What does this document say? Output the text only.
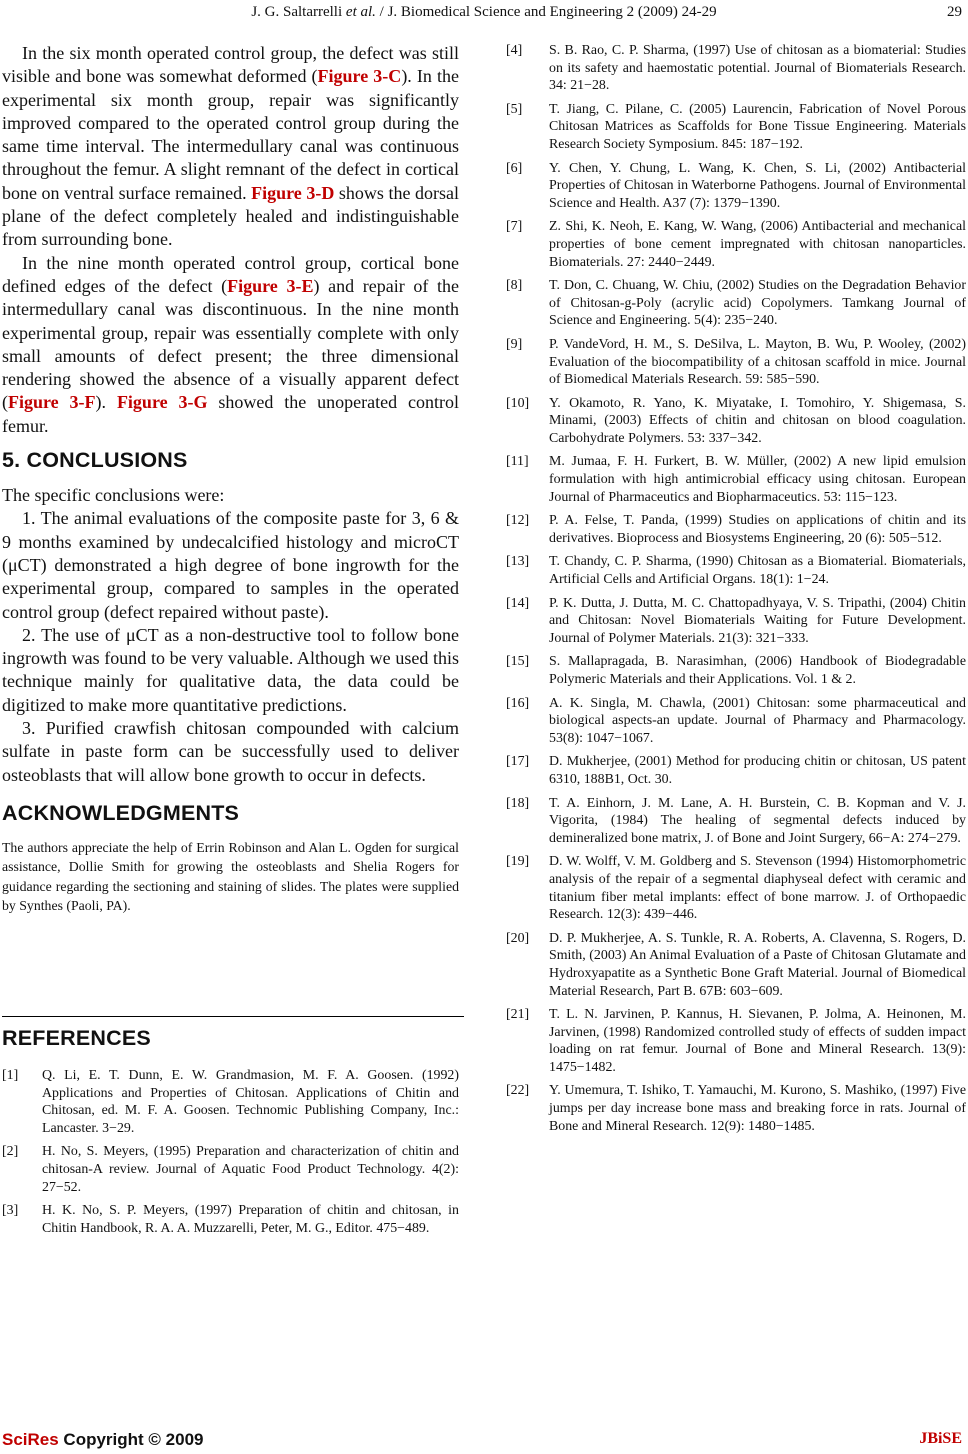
J. G. Saltarrelli et al. / J. Biomedical Science and Engineering 2 (2009) 24-29	29

In the six month operated control group, the defect was still visible and bone was somewhat deformed (Figure 3-C). In the experimental six month group, repair was significantly improved compared to the operated control group during the same time interval. The intermedullary canal was continuous throughout the femur. A slight remnant of the defect in cortical bone on ventral surface remained. Figure 3-D shows the dorsal plane of the defect completely healed and indistinguishable from surrounding bone.

In the nine month operated control group, cortical bone defined edges of the defect (Figure 3-E) and repair of the intermedullary canal was discontinuous. In the nine month experimental group, repair was essentially complete with only small amounts of defect present; the three dimensional rendering showed the absence of a visually apparent defect (Figure 3-F). Figure 3-G showed the unoperated control femur.

5. CONCLUSIONS

The specific conclusions were:

1. The animal evaluations of the composite paste for 3, 6 & 9 months examined by undecalcified histology and microCT (μCT) demonstrated a high degree of bone ingrowth for the experimental group, compared to samples in the operated control group (defect repaired without paste).

2. The use of μCT as a non-destructive tool to follow bone ingrowth was found to be very valuable. Although we used this technique mainly for qualitative data, the data could be digitized to make more quantitative predictions.

3. Purified crawfish chitosan compounded with calcium sulfate in paste form can be successfully used to deliver osteoblasts that will allow bone growth to occur in defects.

ACKNOWLEDGMENTS

The authors appreciate the help of Errin Robinson and Alan L. Ogden for surgical assistance, Dollie Smith for growing the osteoblasts and Shelia Rogers for guidance regarding the sectioning and staining of slides. The plates were supplied by Synthes (Paoli, PA).

REFERENCES
[1]	Q. Li, E. T. Dunn, E. W. Grandmasion, M. F. A. Goosen. (1992) Applications and Properties of Chitosan. Applications of Chitin and Chitosan, ed. M. F. A. Goosen. Technomic Publishing Company, Inc.: Lancaster. 3−29.
[2]	H. No, S. Meyers, (1995) Preparation and characterization of chitin and chitosan-A review. Journal of Aquatic Food Product Technology. 4(2): 27−52.
[3]	H. K. No, S. P. Meyers, (1997) Preparation of chitin and chitosan, in Chitin Handbook, R. A. A. Muzzarelli, Peter, M. G., Editor. 475−489.
[4]	S. B. Rao, C. P. Sharma, (1997) Use of chitosan as a biomaterial: Studies on its safety and haemostatic potential. Journal of Biomaterials Research. 34: 21−28.
[5]	T. Jiang, C. Pilane, C. (2005) Laurencin, Fabrication of Novel Porous Chitosan Matrices as Scaffolds for Bone Tissue Engineering. Materials Research Society Symposium. 845: 187−192.
[6]	Y. Chen, Y. Chung, L. Wang, K. Chen, S. Li, (2002) Antibacterial Properties of Chitosan in Waterborne Pathogens. Journal of Environmental Science and Health. A37 (7): 1379−1390.
[7]	Z. Shi, K. Neoh, E. Kang, W. Wang, (2006) Antibacterial and mechanical properties of bone cement impregnated with chitosan nanoparticles. Biomaterials. 27: 2440−2449.
[8]	T. Don, C. Chuang, W. Chiu, (2002) Studies on the Degradation Behavior of Chitosan-g-Poly (acrylic acid) Copolymers. Tamkang Journal of Science and Engineering. 5(4): 235−240.
[9]	P. VandeVord, H. M., S. DeSilva, L. Mayton, B. Wu, P. Wooley, (2002) Evaluation of the biocompatibility of a chitosan scaffold in mice. Journal of Biomedical Materials Research. 59: 585−590.
[10]	Y. Okamoto, R. Yano, K. Miyatake, I. Tomohiro, Y. Shigemasa, S. Minami, (2003) Effects of chitin and chitosan on blood coagulation. Carbohydrate Polymers. 53: 337−342.
[11]	M. Jumaa, F. H. Furkert, B. W. Müller, (2002) A new lipid emulsion formulation with high antimicrobial efficacy using chitosan. European Journal of Pharmaceutics and Biopharmaceutics. 53: 115−123.
[12]	P. A. Felse, T. Panda, (1999) Studies on applications of chitin and its derivatives. Bioprocess and Biosystems Engineering, 20 (6): 505−512.
[13]	T. Chandy, C. P. Sharma, (1990) Chitosan as a Biomaterial. Biomaterials, Artificial Cells and Artificial Organs. 18(1): 1−24.
[14]	P. K. Dutta, J. Dutta, M. C. Chattopadhyaya, V. S. Tripathi, (2004) Chitin and Chitosan: Novel Biomaterials Waiting for Future Development. Journal of Polymer Materials. 21(3): 321−333.
[15]	S. Mallapragada, B. Narasimhan, (2006) Handbook of Biodegradable Polymeric Materials and their Applications. Vol. 1 & 2.
[16]	A. K. Singla, M. Chawla, (2001) Chitosan: some pharmaceutical and biological aspects-an update. Journal of Pharmacy and Pharmacology. 53(8): 1047−1067.
[17]	D. Mukherjee, (2001) Method for producing chitin or chitosan, US patent 6310, 188B1, Oct. 30.
[18]	T. A. Einhorn, J. M. Lane, A. H. Burstein, C. B. Kopman and V. J. Vigorita, (1984) The healing of segmental defects induced by demineralized bone matrix, J. of Bone and Joint Surgery, 66−A: 274−279.
[19]	D. W. Wolff, V. M. Goldberg and S. Stevenson (1994) Histomorphometric analysis of the repair of a segmental diaphyseal defect with ceramic and titanium fiber metal implants: effect of bone marrow. J. of Orthopaedic Research. 12(3): 439−446.
[20]	D. P. Mukherjee, A. S. Tunkle, R. A. Roberts, A. Clavenna, S. Rogers, D. Smith, (2003) An Animal Evaluation of a Paste of Chitosan Glutamate and Hydroxyapatite as a Synthetic Bone Graft Material. Journal of Biomedical Material Research, Part B. 67B: 603−609.
[21]	T. L. N. Jarvinen, P. Kannus, H. Sievanen, P. Jolma, A. Heinonen, M. Jarvinen, (1998) Randomized controlled study of effects of sudden impact loading on rat femur. Journal of Bone and Mineral Research. 13(9): 1475−1482.
[22]	Y. Umemura, T. Ishiko, T. Yamauchi, M. Kurono, S. Mashiko, (1997) Five jumps per day increase bone mass and breaking force in rats. Journal of Bone and Mineral Research. 12(9): 1480−1485.
SciRes Copyright © 2009	JBiSE
